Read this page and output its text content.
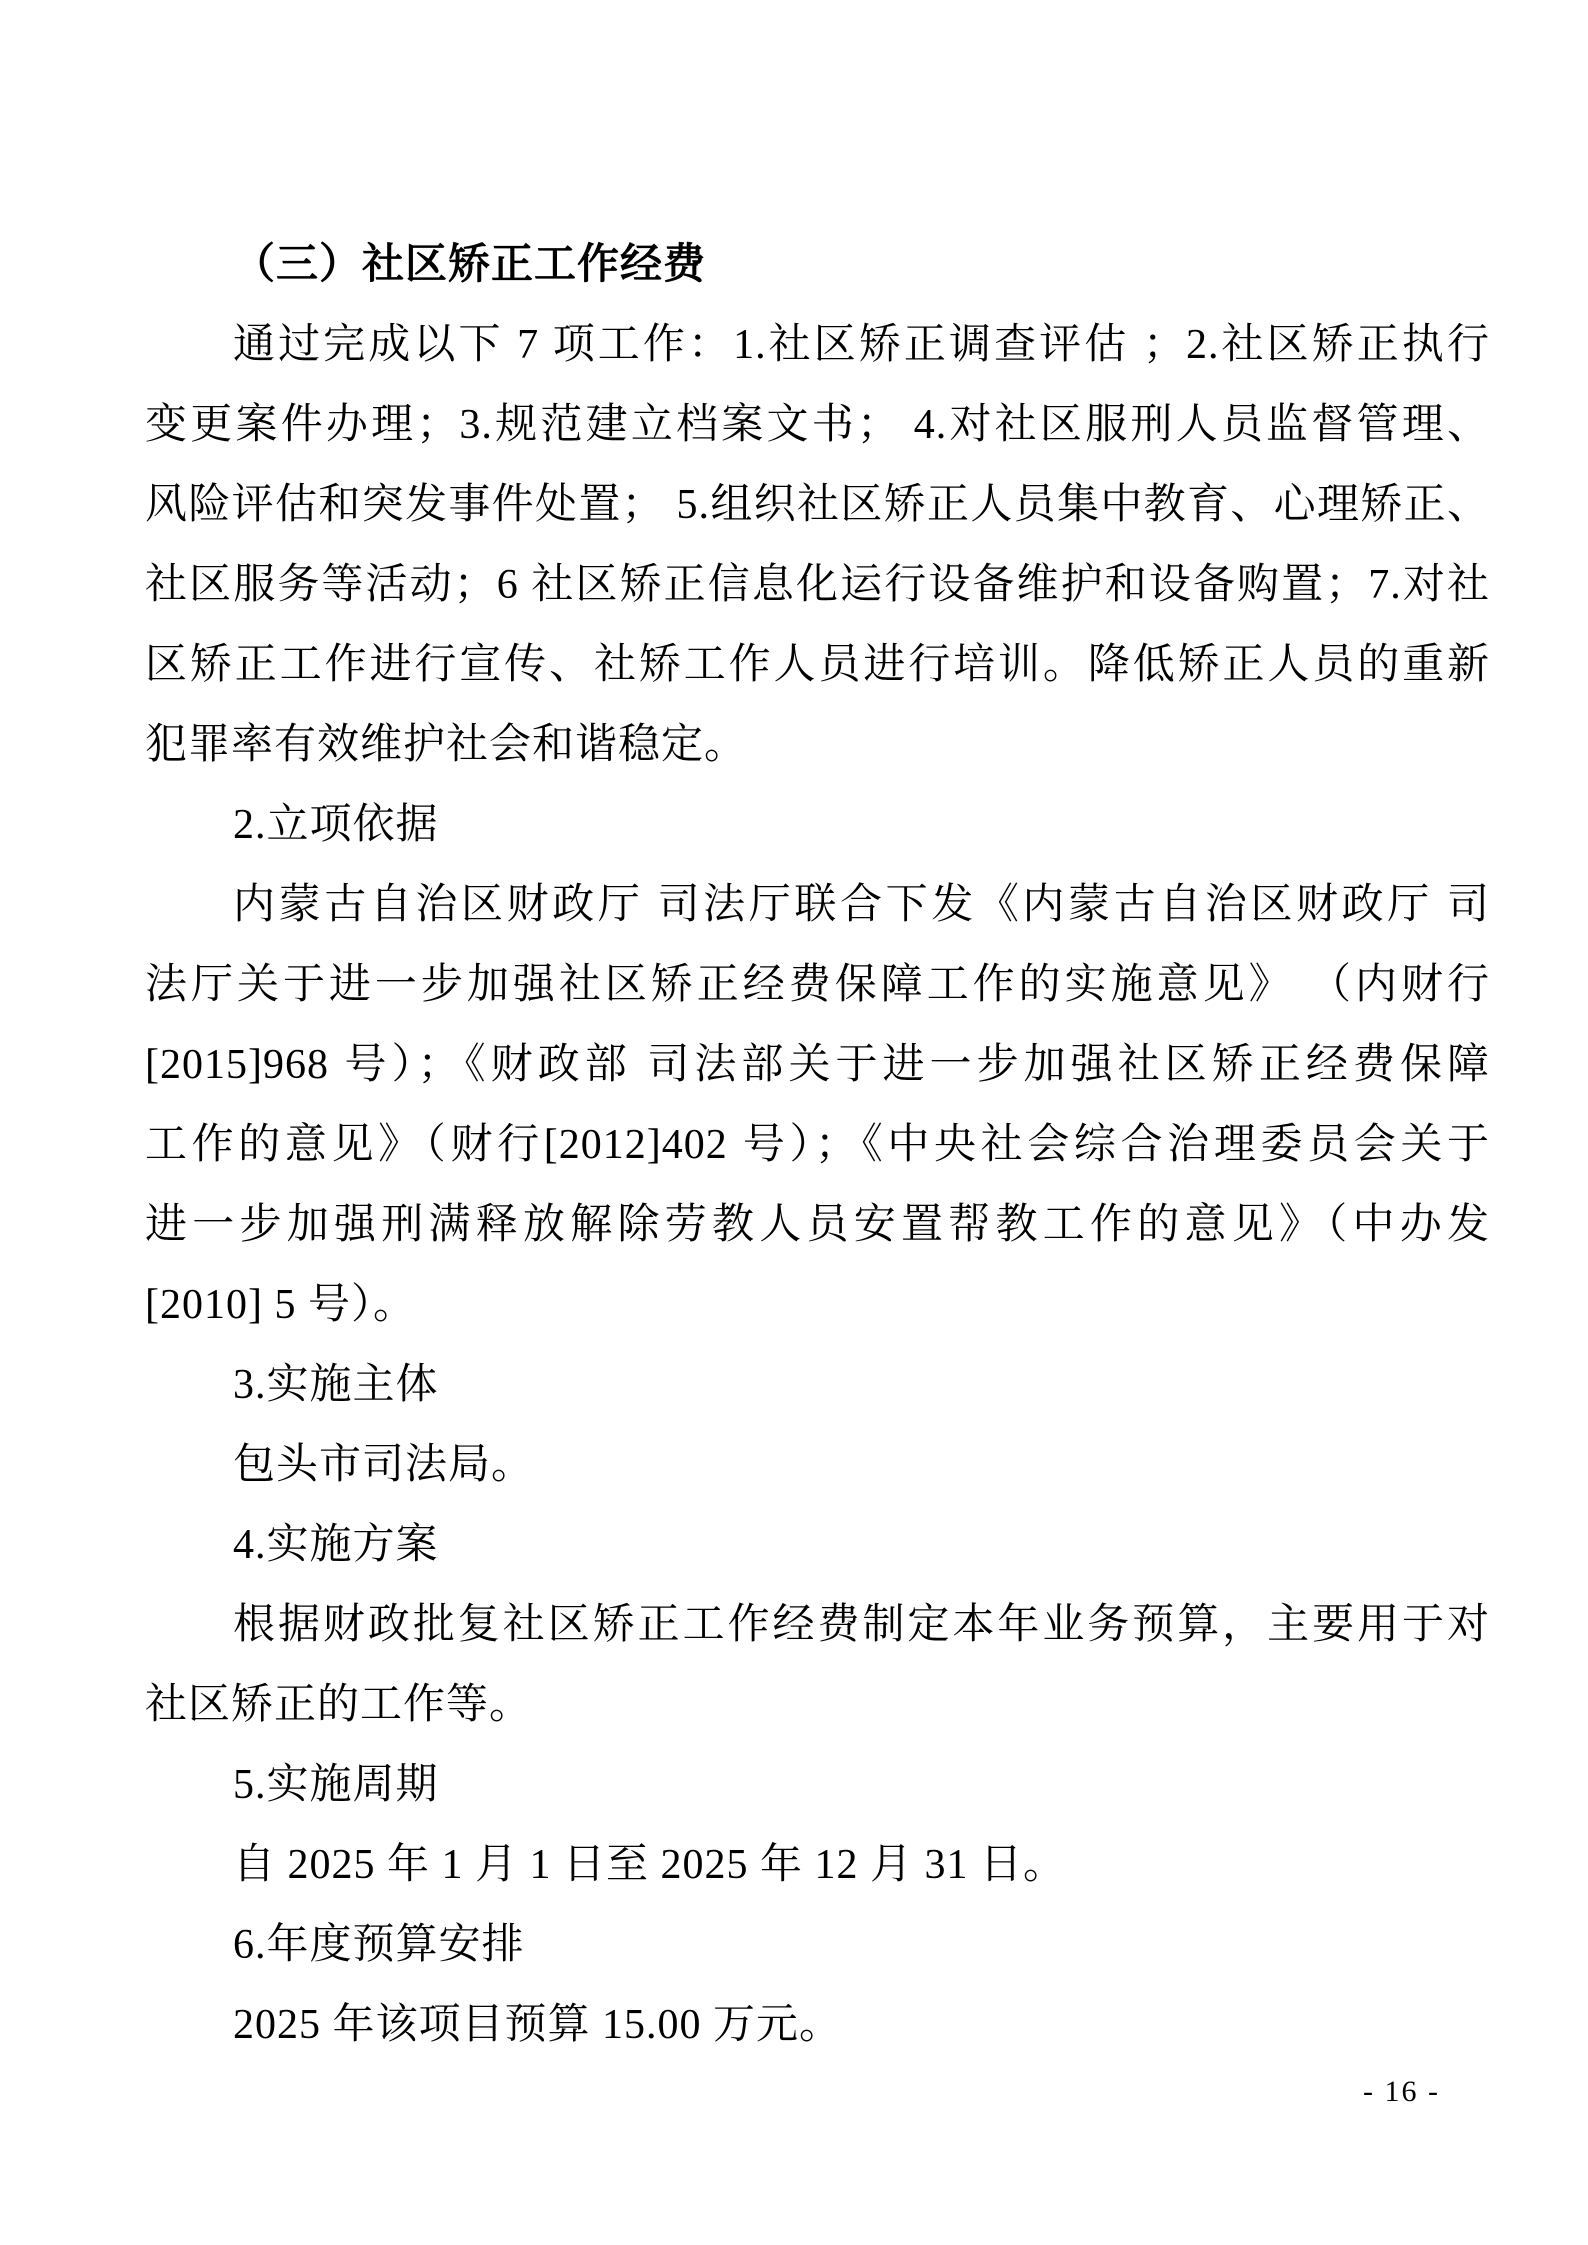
（三）社区矫正工作经费
通过完成以下 7 项工作：1.社区矫正调查评估 ；2.社区矫正执行
变更案件办理；3.规范建立档案文书； 4.对社区服刑人员监督管理、
风险评估和突发事件处置； 5.组织社区矫正人员集中教育、心理矫正、
社区服务等活动；6 社区矫正信息化运行设备维护和设备购置；7.对社
区矫正工作进行宣传、社矫工作人员进行培训。降低矫正人员的重新
犯罪率有效维护社会和谐稳定。
2.立项依据
内蒙古自治区财政厅 司法厅联合下发《内蒙古自治区财政厅 司
法厅关于进一步加强社区矫正经费保障工作的实施意见》 （内财行
[2015]968 号）；《财政部 司法部关于进一步加强社区矫正经费保障
工作的意见》（财行[2012]402 号）；《中央社会综合治理委员会关于
进一步加强刑满释放解除劳教人员安置帮教工作的意见》（中办发
[2010] 5 号）。
3.实施主体
包头市司法局。
4.实施方案
根据财政批复社区矫正工作经费制定本年业务预算，主要用于对
社区矫正的工作等。
5.实施周期
自 2025 年 1 月 1 日至 2025 年 12 月 31 日。
6.年度预算安排
2025 年该项目预算 15.00 万元。
- 16 -
